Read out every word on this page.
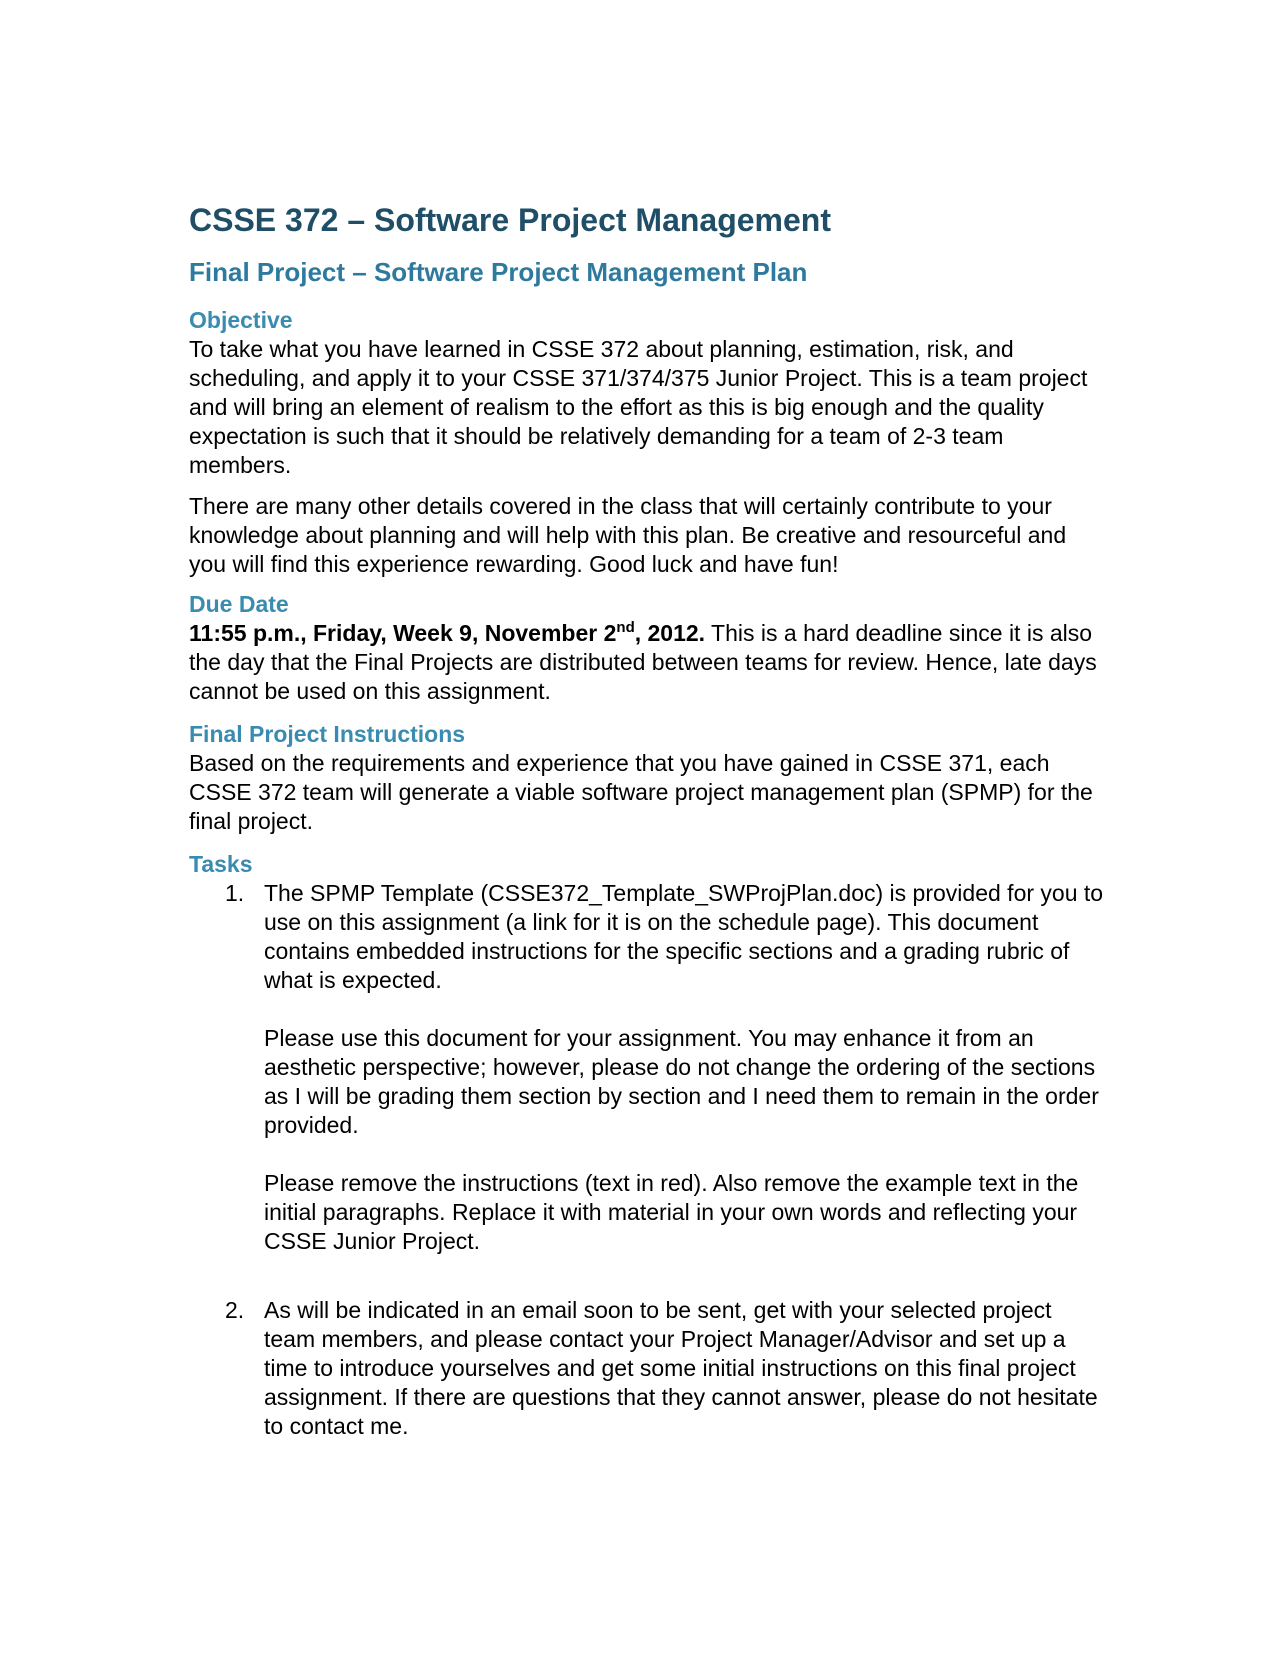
CSSE 372 – Software Project Management
Final Project – Software Project Management Plan
Objective

To take what you have learned in CSSE 372 about planning, estimation, risk, and scheduling, and apply it to your CSSE 371/374/375 Junior Project. This is a team project and will bring an element of realism to the effort as this is big enough and the quality expectation is such that it should be relatively demanding for a team of 2-3 team members.

There are many other details covered in the class that will certainly contribute to your knowledge about planning and will help with this plan. Be creative and resourceful and you will find this experience rewarding. Good luck and have fun!

Due Date

11:55 p.m., Friday, Week 9, November 2nd, 2012. This is a hard deadline since it is also the day that the Final Projects are distributed between teams for review. Hence, late days cannot be used on this assignment.

Final Project Instructions

Based on the requirements and experience that you have gained in CSSE 371, each CSSE 372 team will generate a viable software project management plan (SPMP) for the final project.

Tasks
1. The SPMP Template (CSSE372_Template_SWProjPlan.doc) is provided for you to use on this assignment (a link for it is on the schedule page). This document contains embedded instructions for the specific sections and a grading rubric of what is expected.

Please use this document for your assignment. You may enhance it from an aesthetic perspective; however, please do not change the ordering of the sections as I will be grading them section by section and I need them to remain in the order provided.

Please remove the instructions (text in red). Also remove the example text in the initial paragraphs. Replace it with material in your own words and reflecting your CSSE Junior Project.

2. As will be indicated in an email soon to be sent, get with your selected project team members, and please contact your Project Manager/Advisor and set up a time to introduce yourselves and get some initial instructions on this final project assignment. If there are questions that they cannot answer, please do not hesitate to contact me.
